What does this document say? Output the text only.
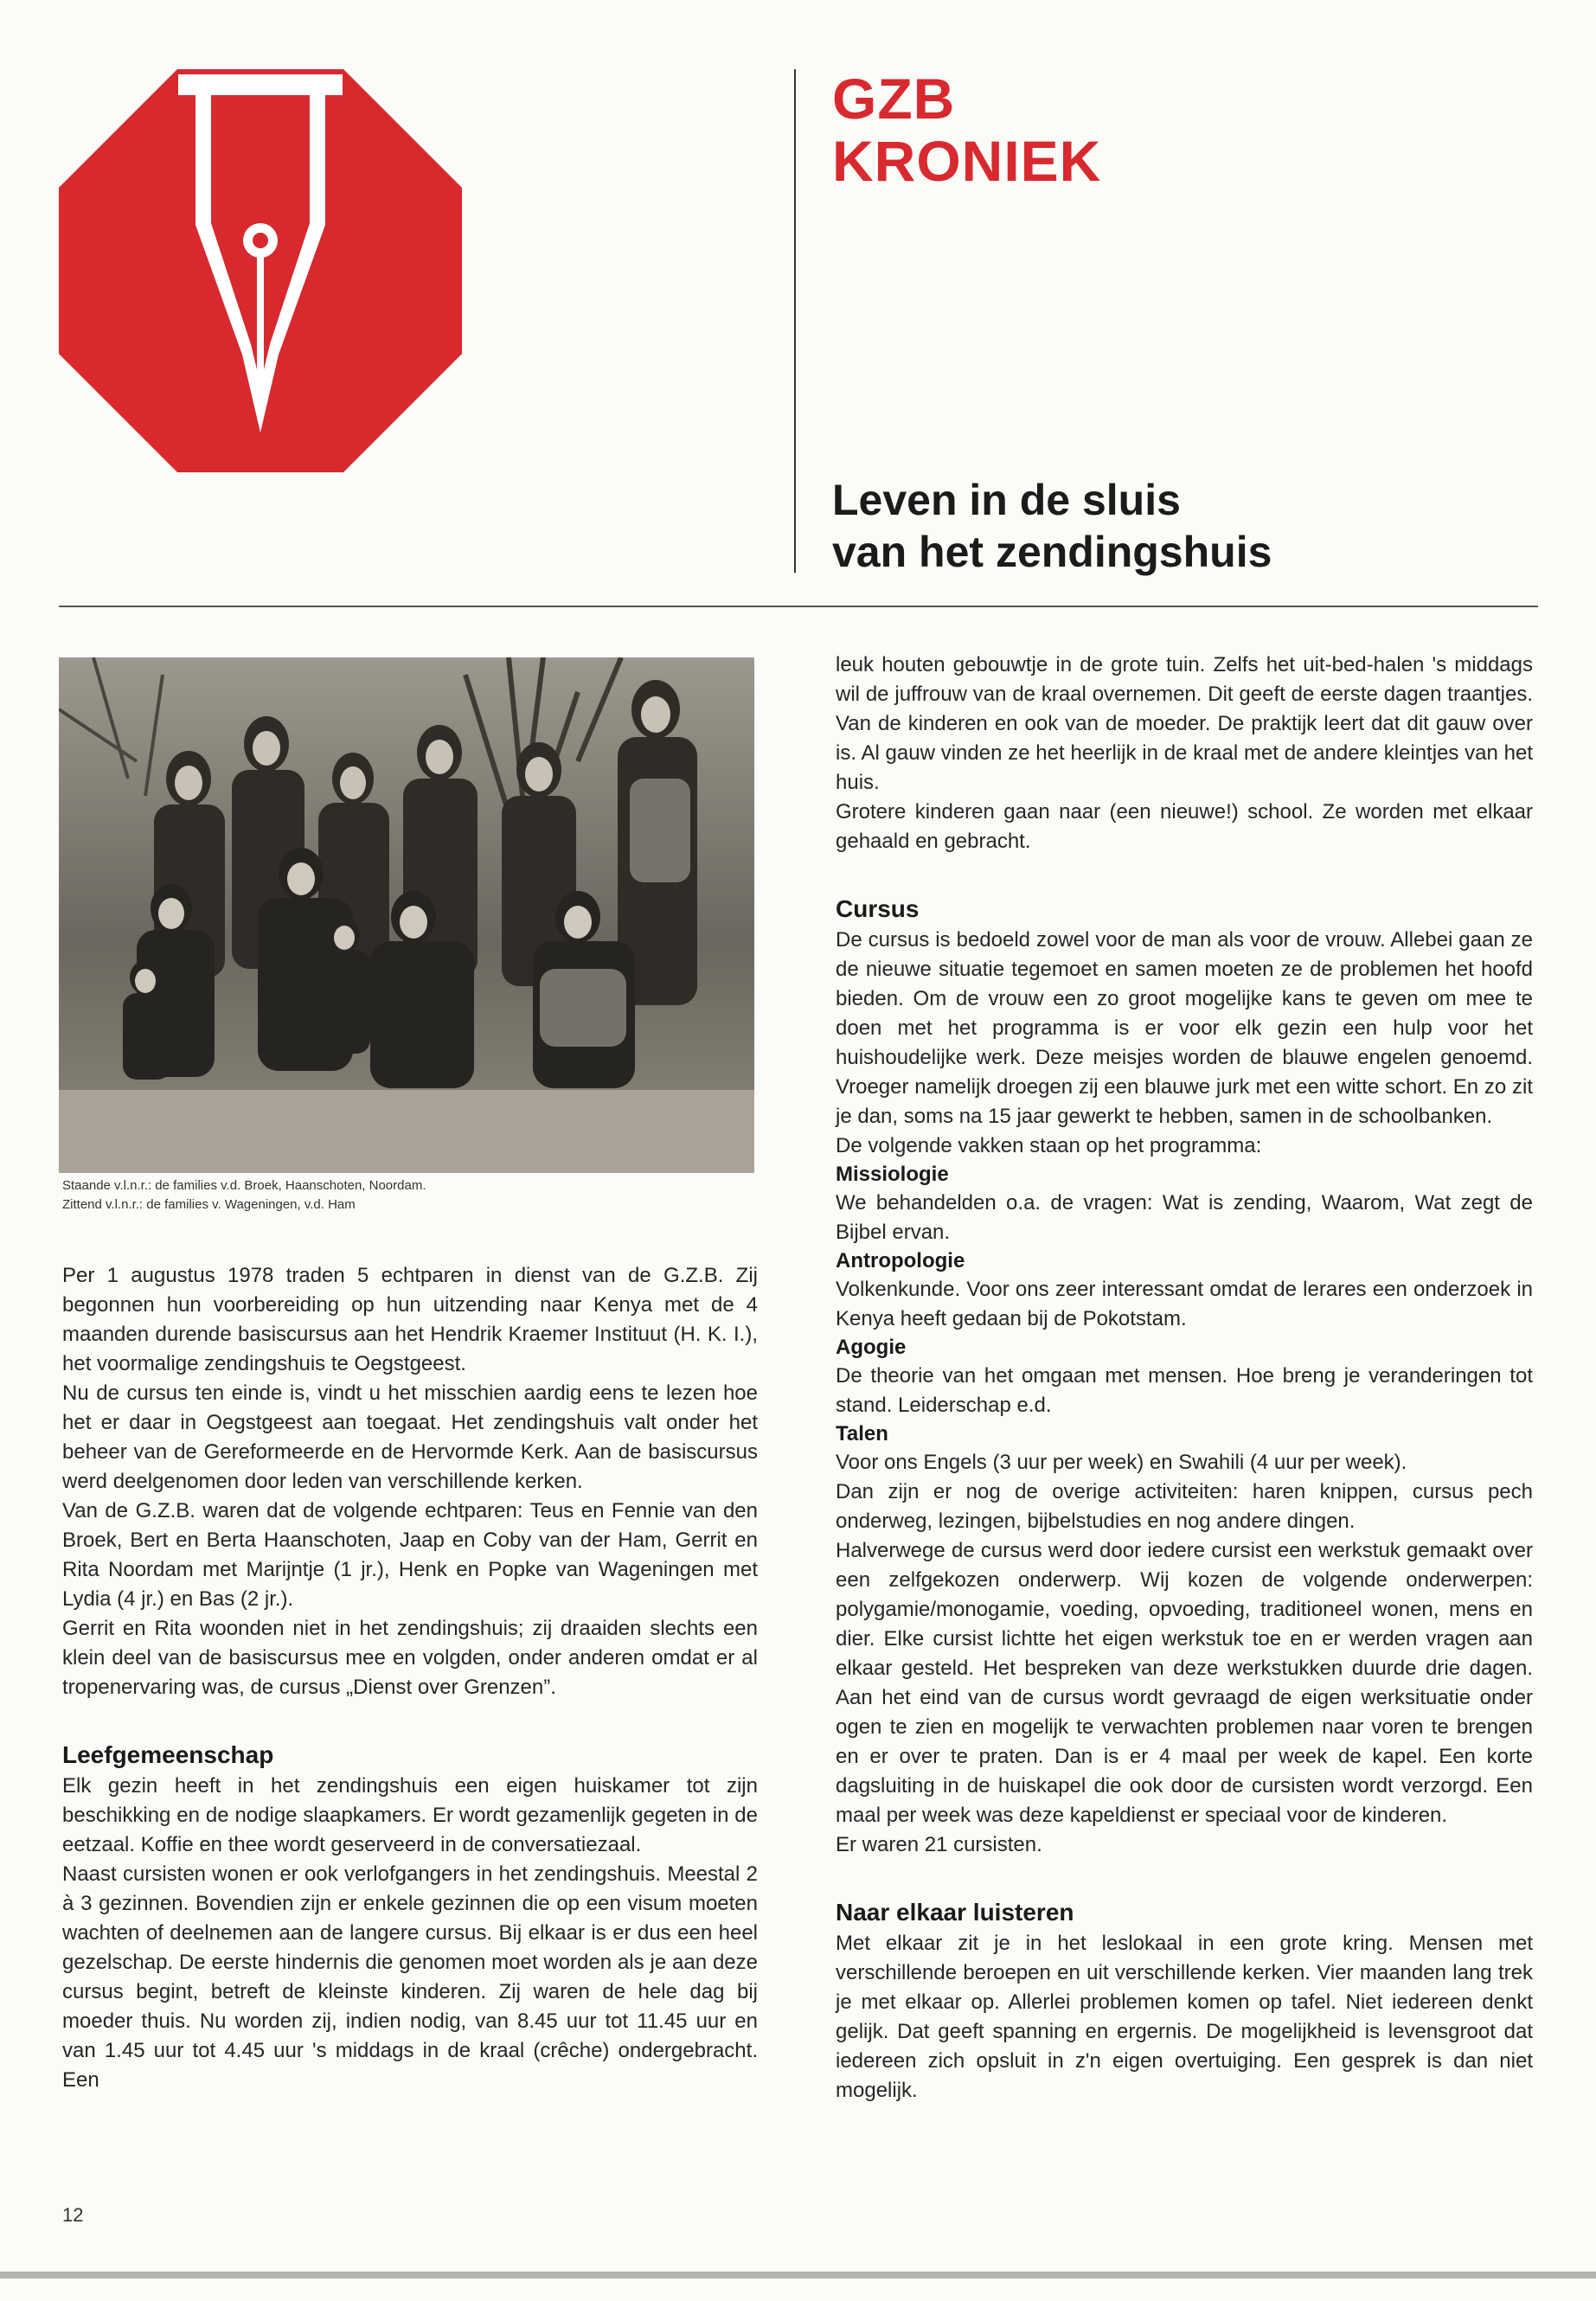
GZB
KRONIEK
Leven in de sluis
van het zendingshuis
Staande v.l.n.r.: de families v.d. Broek, Haanschoten, Noordam.
Zittend v.l.n.r.: de families v. Wageningen, v.d. Ham

Per 1 augustus 1978 traden 5 echtparen in dienst van de G.Z.B. Zij begonnen hun voorbereiding op hun uitzending naar Kenya met de 4 maanden durende basiscursus aan het Hendrik Kraemer Instituut (H. K. I.), het voormalige zendingshuis te Oegstgeest.

Nu de cursus ten einde is, vindt u het misschien aardig eens te lezen hoe het er daar in Oegstgeest aan toegaat. Het zendingshuis valt onder het beheer van de Gereformeerde en de Hervormde Kerk. Aan de basiscursus werd deelgenomen door leden van verschillende kerken.

Van de G.Z.B. waren dat de volgende echtparen: Teus en Fennie van den Broek, Bert en Berta Haanschoten, Jaap en Coby van der Ham, Gerrit en Rita Noordam met Marijntje (1 jr.), Henk en Popke van Wageningen met Lydia (4 jr.) en Bas (2 jr.).

Gerrit en Rita woonden niet in het zendingshuis; zij draaiden slechts een klein deel van de basiscursus mee en volgden, onder anderen omdat er al tropenervaring was, de cursus „Dienst over Grenzen”.

Leefgemeenschap

Elk gezin heeft in het zendingshuis een eigen huiskamer tot zijn beschikking en de nodige slaapkamers. Er wordt gezamenlijk gegeten in de eetzaal. Koffie en thee wordt geserveerd in de conversatiezaal.

Naast cursisten wonen er ook verlofgangers in het zendingshuis. Meestal 2 à 3 gezinnen. Bovendien zijn er enkele gezinnen die op een visum moeten wachten of deelnemen aan de langere cursus. Bij elkaar is er dus een heel gezelschap. De eerste hindernis die genomen moet worden als je aan deze cursus begint, betreft de kleinste kinderen. Zij waren de hele dag bij moeder thuis. Nu worden zij, indien nodig, van 8.45 uur tot 11.45 uur en van 1.45 uur tot 4.45 uur 's middags in de kraal (crêche) ondergebracht. Een

leuk houten gebouwtje in de grote tuin. Zelfs het uit-bed-halen 's middags wil de juffrouw van de kraal overnemen. Dit geeft de eerste dagen traantjes. Van de kinderen en ook van de moeder. De praktijk leert dat dit gauw over is. Al gauw vinden ze het heerlijk in de kraal met de andere kleintjes van het huis.

Grotere kinderen gaan naar (een nieuwe!) school. Ze worden met elkaar gehaald en gebracht.

Cursus

De cursus is bedoeld zowel voor de man als voor de vrouw. Allebei gaan ze de nieuwe situatie tegemoet en samen moeten ze de problemen het hoofd bieden. Om de vrouw een zo groot mogelijke kans te geven om mee te doen met het programma is er voor elk gezin een hulp voor het huishoudelijke werk. Deze meisjes worden de blauwe engelen genoemd. Vroeger namelijk droegen zij een blauwe jurk met een witte schort. En zo zit je dan, soms na 15 jaar gewerkt te hebben, samen in de schoolbanken.

De volgende vakken staan op het programma:

Missiologie

We behandelden o.a. de vragen: Wat is zending, Waarom, Wat zegt de Bijbel ervan.

Antropologie

Volkenkunde. Voor ons zeer interessant omdat de lerares een onderzoek in Kenya heeft gedaan bij de Pokotstam.

Agogie

De theorie van het omgaan met mensen. Hoe breng je veranderingen tot stand. Leiderschap e.d.

Talen

Voor ons Engels (3 uur per week) en Swahili (4 uur per week).

Dan zijn er nog de overige activiteiten: haren knippen, cursus pech onderweg, lezingen, bijbelstudies en nog andere dingen.

Halverwege de cursus werd door iedere cursist een werkstuk gemaakt over een zelfgekozen onderwerp. Wij kozen de volgende onderwerpen: polygamie/monogamie, voeding, opvoeding, traditioneel wonen, mens en dier. Elke cursist lichtte het eigen werkstuk toe en er werden vragen aan elkaar gesteld. Het bespreken van deze werkstukken duurde drie dagen. Aan het eind van de cursus wordt gevraagd de eigen werksituatie onder ogen te zien en mogelijk te verwachten problemen naar voren te brengen en er over te praten. Dan is er 4 maal per week de kapel. Een korte dagsluiting in de huiskapel die ook door de cursisten wordt verzorgd. Een maal per week was deze kapeldienst er speciaal voor de kinderen.

Er waren 21 cursisten.

Naar elkaar luisteren

Met elkaar zit je in het leslokaal in een grote kring. Mensen met verschillende beroepen en uit verschillende kerken. Vier maanden lang trek je met elkaar op. Allerlei problemen komen op tafel. Niet iedereen denkt gelijk. Dat geeft spanning en ergernis. De mogelijkheid is levensgroot dat iedereen zich opsluit in z'n eigen overtuiging. Een gesprek is dan niet mogelijk.

12
